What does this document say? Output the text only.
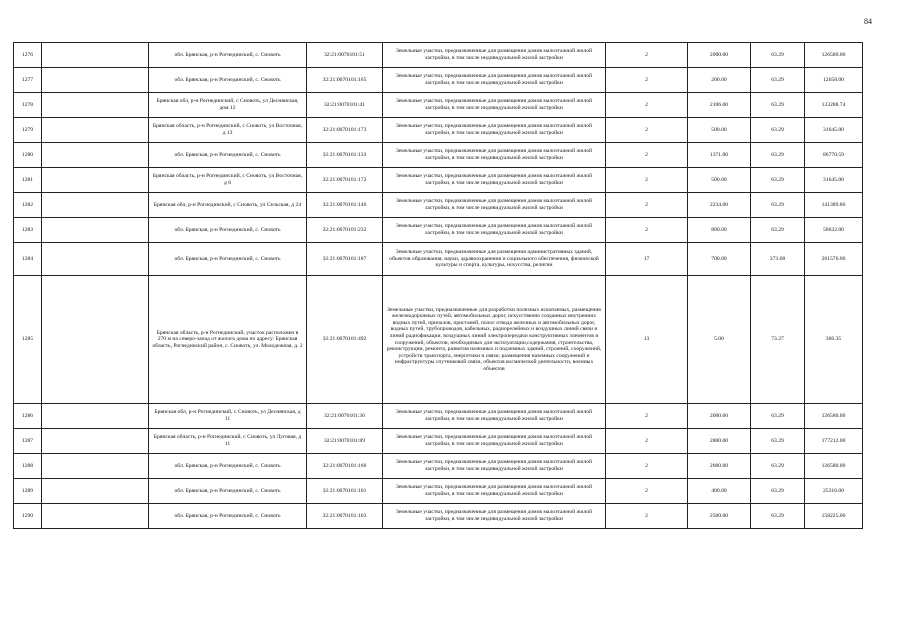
84
1276		обл. Брянская, р-н Рогнединский, с. Сновоть	32:21:0070101:51	Земельные участки, предназначенные для размещения домов малоэтажной жилой застройки, в том числе индивидуальной жилой застройки	2	2000.00	63.29	126580.00
1277		обл. Брянская, р-н Рогнединский, с. Сновоть	32:21:0070101:165	Земельные участки, предназначенные для размещения домов малоэтажной жилой застройки, в том числе индивидуальной жилой застройки	2	200.00	63.29	12658.00
1278		Брянская обл, р-н Рогнединский, с Сновоть, ул Деснянская, дом 12	32:21:0070101:41	Земельные участки, предназначенные для размещения домов малоэтажной жилой застройки, в том числе индивидуальной жилой застройки	2	2106.00	63.29	133288.74
1279		Брянская область, р-н Рогнединский, с Сновоть, ул Восточная, д 13	32:21:0070101:173	Земельные участки, предназначенные для размещения домов малоэтажной жилой застройки, в том числе индивидуальной жилой застройки	2	500.00	63.29	31645.00
1280		обл. Брянская, р-н Рогнединский, с. Сновоть	32:21:0070101:133	Земельные участки, предназначенные для размещения домов малоэтажной жилой застройки, в том числе индивидуальной жилой застройки	2	1371.00	63.29	86770.59
1281		Брянская область, р-н Рогнединский, с Сновоть, ул Восточная, д 6	32:21:0070101:172	Земельные участки, предназначенные для размещения домов малоэтажной жилой застройки, в том числе индивидуальной жилой застройки	2	500.00	63.29	31645.00
1282		Брянская обл, р-н Рогнединский, с Сновоть, ул Сельская, д 24	32:21:0070101:146	Земельные участки, предназначенные для размещения домов малоэтажной жилой застройки, в том числе индивидуальной жилой застройки	2	2234.00	63.29	141389.86
1283		обл. Брянская, р-н Рогнединский, с. Сновоть	32:21:0070101:232	Земельные участки, предназначенные для размещения домов малоэтажной жилой застройки, в том числе индивидуальной жилой застройки	2	800.00	63.29	50632.00
1284		обл. Брянская, р-н Рогнединский, с. Сновоть	32:21:0070101:187	Земельные участки, предназначенные для размещения административных зданий, объектов образования, науки, здравоохранения и социального обеспечения, физической культуры и спорта, культуры, искусства, религии	17	700.00	373.68	261576.00
1285		Брянская область, р-н Рогнединский, участок расположен в 270 м на северо-запад от жилого дома по адресу: Брянская область, Рогнединский район, с. Сновоть, ул. Молодежная, д. 2	32:21:0070101:492	Земельные участки, предназначенные для разработки полезных ископаемых, размещения железнодорожных путей, автомобильных дорог, искусственно созданных внутренних водных путей, причалов, пристаней, полос отвода железных и автомобильных дорог, водных путей, трубопроводов, кабельных, радиорелейных и воздушных линий связи и линий радиофикации, воздушных линий электропередачи конструктивных элементов и сооружений, объектов, необходимых для эксплуатации,содержания, строительства, реконструкции, ремонта, развития наземных и подземных зданий, строений, сооружений, устройств транспорта, энергетики и связи; размещения наземных сооружений и инфраструктуры спутниковой связи, объектов космической деятельности, военных объектов	13	5.00	73.27	366.35
1286		Брянская обл, р-н Рогнединский, с Сновоть, ул Деснянская, д 11	32:21:0070101:36	Земельные участки, предназначенные для размещения домов малоэтажной жилой застройки, в том числе индивидуальной жилой застройки	2	2000.00	63.29	126580.00
1287		Брянская область, р-н Рогнединский, с Сновоть, ул Луговая, д 11	32:21:0070101:89	Земельные участки, предназначенные для размещения домов малоэтажной жилой застройки, в том числе индивидуальной жилой застройки	2	2800.00	63.29	177212.00
1288		обл. Брянская, р-н Рогнединский, с. Сновоть	32:21:0070101:160	Земельные участки, предназначенные для размещения домов малоэтажной жилой застройки, в том числе индивидуальной жилой застройки	2	2000.00	63.29	126580.00
1289		обл. Брянская, р-н Рогнединский, с. Сновоть	32:21:0070101:101	Земельные участки, предназначенные для размещения домов малоэтажной жилой застройки, в том числе индивидуальной жилой застройки	2	400.00	63.29	25316.00
1290		обл. Брянская, р-н Рогнединский, с. Сновоть	32:21:0070101:103	Земельные участки, предназначенные для размещения домов малоэтажной жилой застройки, в том числе индивидуальной жилой застройки	2	2500.00	63.29	158225.00
